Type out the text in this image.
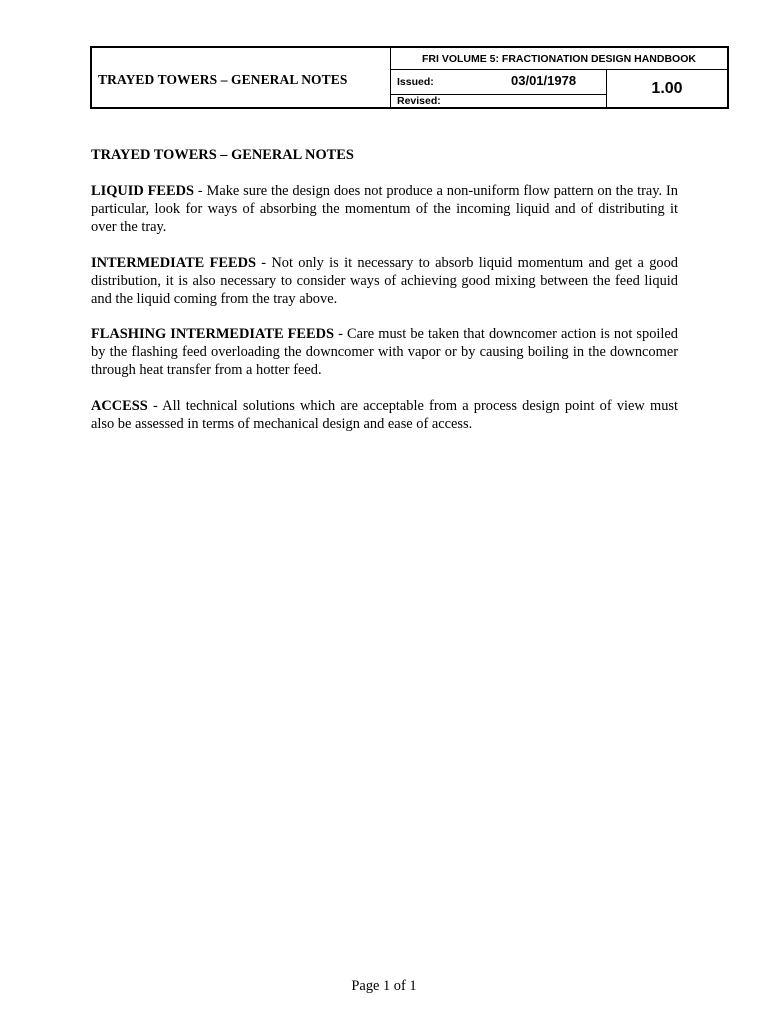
TRAYED TOWERS – GENERAL NOTES
FRI VOLUME 5: FRACTIONATION DESIGN HANDBOOK
Issued:	03/01/1978
Revised:
1.00

TRAYED TOWERS – GENERAL NOTES

LIQUID FEEDS - Make sure the design does not produce a non-uniform flow pattern on the tray. In particular, look for ways of absorbing the momentum of the incoming liquid and of distributing it over the tray.

INTERMEDIATE FEEDS - Not only is it necessary to absorb liquid momentum and get a good distribution, it is also necessary to consider ways of achieving good mixing between the feed liquid and the liquid coming from the tray above.

FLASHING INTERMEDIATE FEEDS - Care must be taken that downcomer action is not spoiled by the flashing feed overloading the downcomer with vapor or by causing boiling in the downcomer through heat transfer from a hotter feed.

ACCESS - All technical solutions which are acceptable from a process design point of view must also be assessed in terms of mechanical design and ease of access.

Page 1 of 1
